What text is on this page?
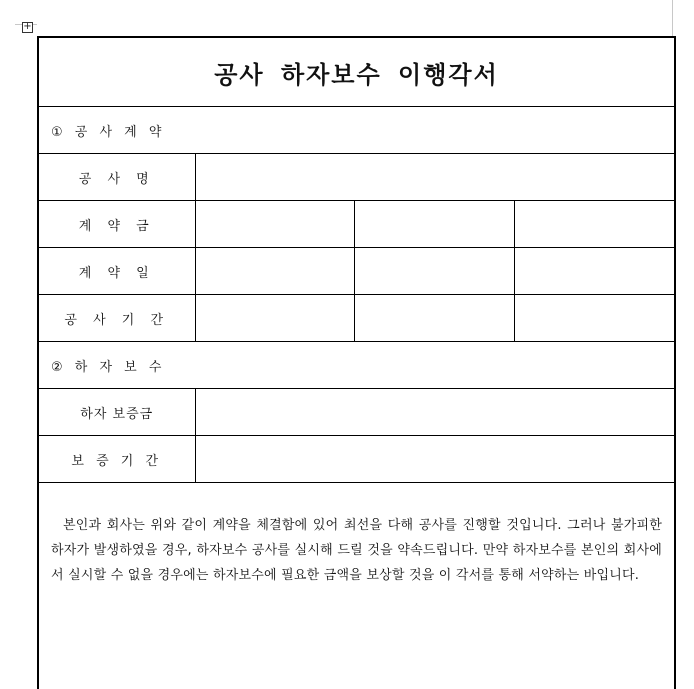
+
공사 하자보수 이행각서			
① 공 사 계 약			
공 사 명			
계 약 금			
계 약 일			
공 사 기 간			
② 하 자 보 수			
하자 보증금			
보 증 기 간			

본인과 회사는 위와 같이 계약을 체결함에 있어 최선을 다해 공사를 진행할 것입니다. 그러나 불가피한 하자가 발생하였을 경우, 하자보수 공사를 실시해 드릴 것을 약속드립니다. 만약 하자보수를 본인의 회사에서 실시할 수 없을 경우에는 하자보수에 필요한 금액을 보상할 것을 이 각서를 통해 서약하는 바입니다.			
